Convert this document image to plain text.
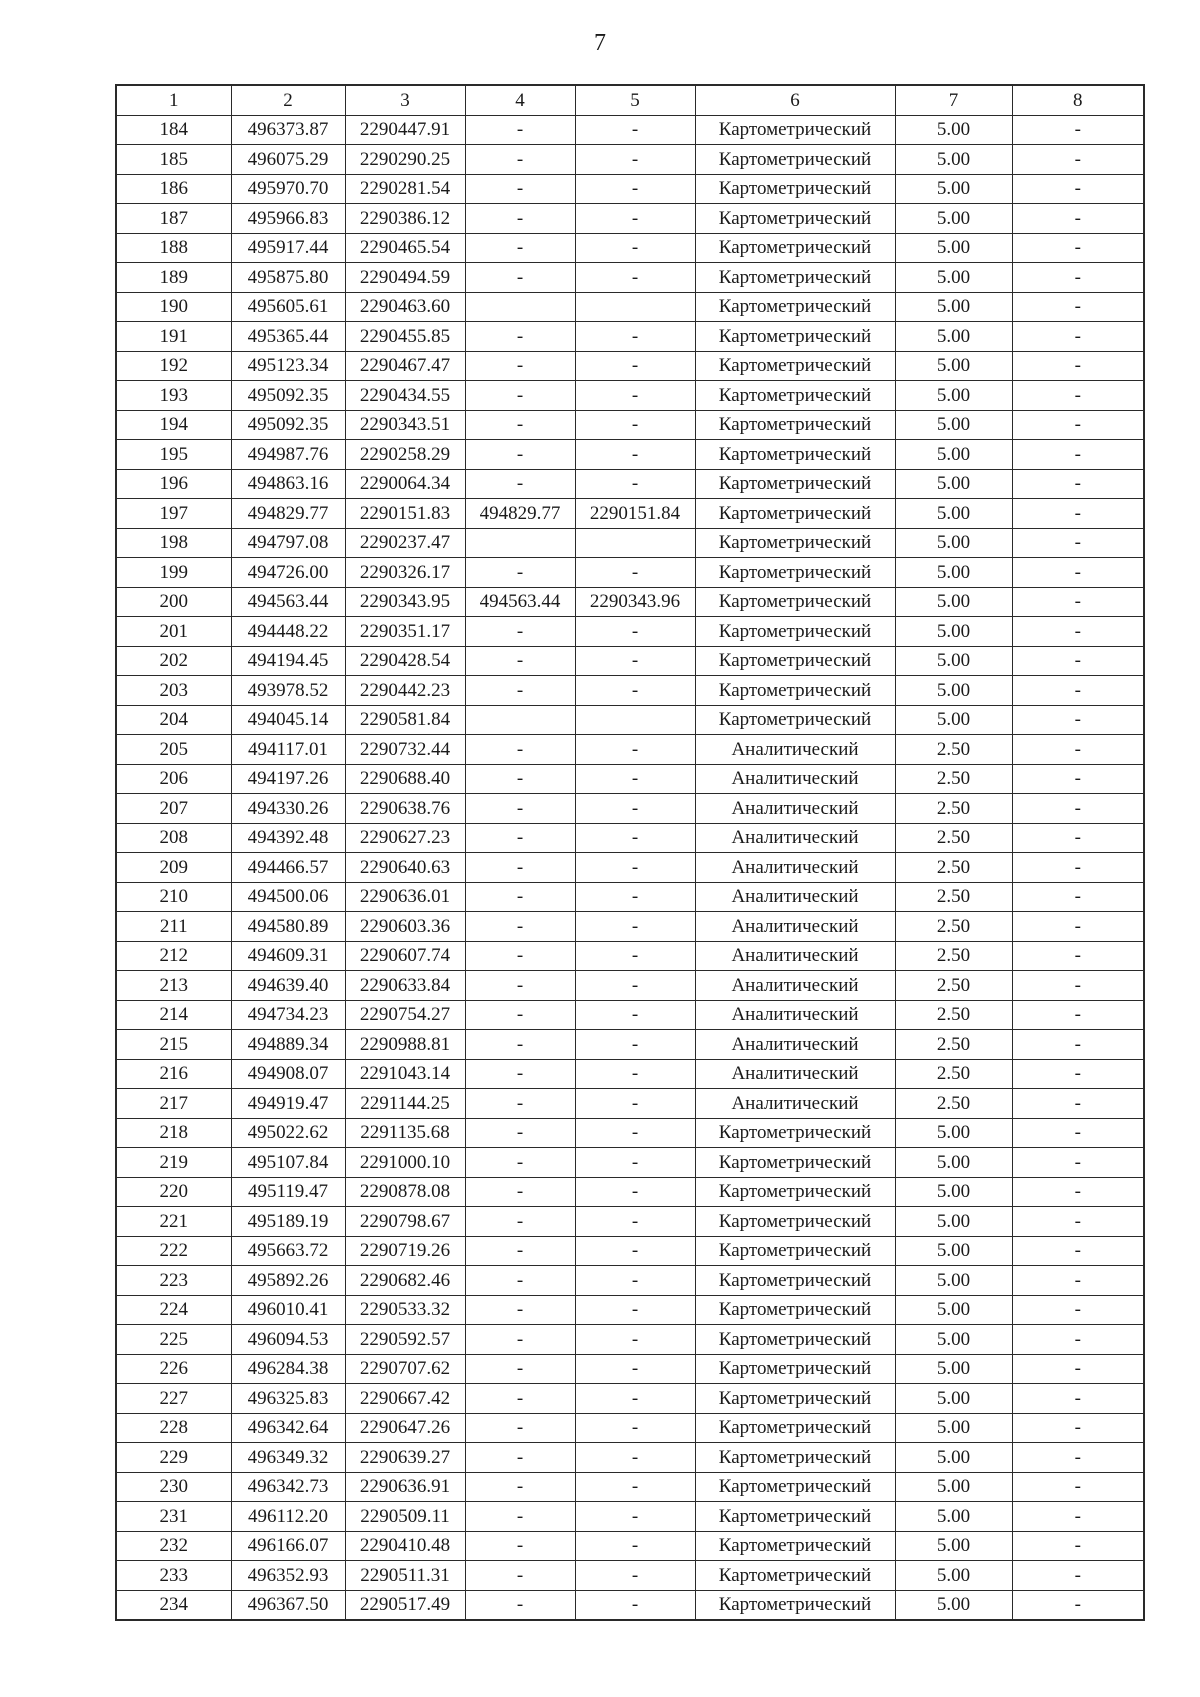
7
1	2	3	4	5	6	7	8
184	496373.87	2290447.91	-	-	Картометрический	5.00	-
185	496075.29	2290290.25	-	-	Картометрический	5.00	-
186	495970.70	2290281.54	-	-	Картометрический	5.00	-
187	495966.83	2290386.12	-	-	Картометрический	5.00	-
188	495917.44	2290465.54	-	-	Картометрический	5.00	-
189	495875.80	2290494.59	-	-	Картометрический	5.00	-
190	495605.61	2290463.60			Картометрический	5.00	-
191	495365.44	2290455.85	-	-	Картометрический	5.00	-
192	495123.34	2290467.47	-	-	Картометрический	5.00	-
193	495092.35	2290434.55	-	-	Картометрический	5.00	-
194	495092.35	2290343.51	-	-	Картометрический	5.00	-
195	494987.76	2290258.29	-	-	Картометрический	5.00	-
196	494863.16	2290064.34	-	-	Картометрический	5.00	-
197	494829.77	2290151.83	494829.77	2290151.84	Картометрический	5.00	-
198	494797.08	2290237.47			Картометрический	5.00	-
199	494726.00	2290326.17	-	-	Картометрический	5.00	-
200	494563.44	2290343.95	494563.44	2290343.96	Картометрический	5.00	-
201	494448.22	2290351.17	-	-	Картометрический	5.00	-
202	494194.45	2290428.54	-	-	Картометрический	5.00	-
203	493978.52	2290442.23	-	-	Картометрический	5.00	-
204	494045.14	2290581.84			Картометрический	5.00	-
205	494117.01	2290732.44	-	-	Аналитический	2.50	-
206	494197.26	2290688.40	-	-	Аналитический	2.50	-
207	494330.26	2290638.76	-	-	Аналитический	2.50	-
208	494392.48	2290627.23	-	-	Аналитический	2.50	-
209	494466.57	2290640.63	-	-	Аналитический	2.50	-
210	494500.06	2290636.01	-	-	Аналитический	2.50	-
211	494580.89	2290603.36	-	-	Аналитический	2.50	-
212	494609.31	2290607.74	-	-	Аналитический	2.50	-
213	494639.40	2290633.84	-	-	Аналитический	2.50	-
214	494734.23	2290754.27	-	-	Аналитический	2.50	-
215	494889.34	2290988.81	-	-	Аналитический	2.50	-
216	494908.07	2291043.14	-	-	Аналитический	2.50	-
217	494919.47	2291144.25	-	-	Аналитический	2.50	-
218	495022.62	2291135.68	-	-	Картометрический	5.00	-
219	495107.84	2291000.10	-	-	Картометрический	5.00	-
220	495119.47	2290878.08	-	-	Картометрический	5.00	-
221	495189.19	2290798.67	-	-	Картометрический	5.00	-
222	495663.72	2290719.26	-	-	Картометрический	5.00	-
223	495892.26	2290682.46	-	-	Картометрический	5.00	-
224	496010.41	2290533.32	-	-	Картометрический	5.00	-
225	496094.53	2290592.57	-	-	Картометрический	5.00	-
226	496284.38	2290707.62	-	-	Картометрический	5.00	-
227	496325.83	2290667.42	-	-	Картометрический	5.00	-
228	496342.64	2290647.26	-	-	Картометрический	5.00	-
229	496349.32	2290639.27	-	-	Картометрический	5.00	-
230	496342.73	2290636.91	-	-	Картометрический	5.00	-
231	496112.20	2290509.11	-	-	Картометрический	5.00	-
232	496166.07	2290410.48	-	-	Картометрический	5.00	-
233	496352.93	2290511.31	-	-	Картометрический	5.00	-
234	496367.50	2290517.49	-	-	Картометрический	5.00	-
